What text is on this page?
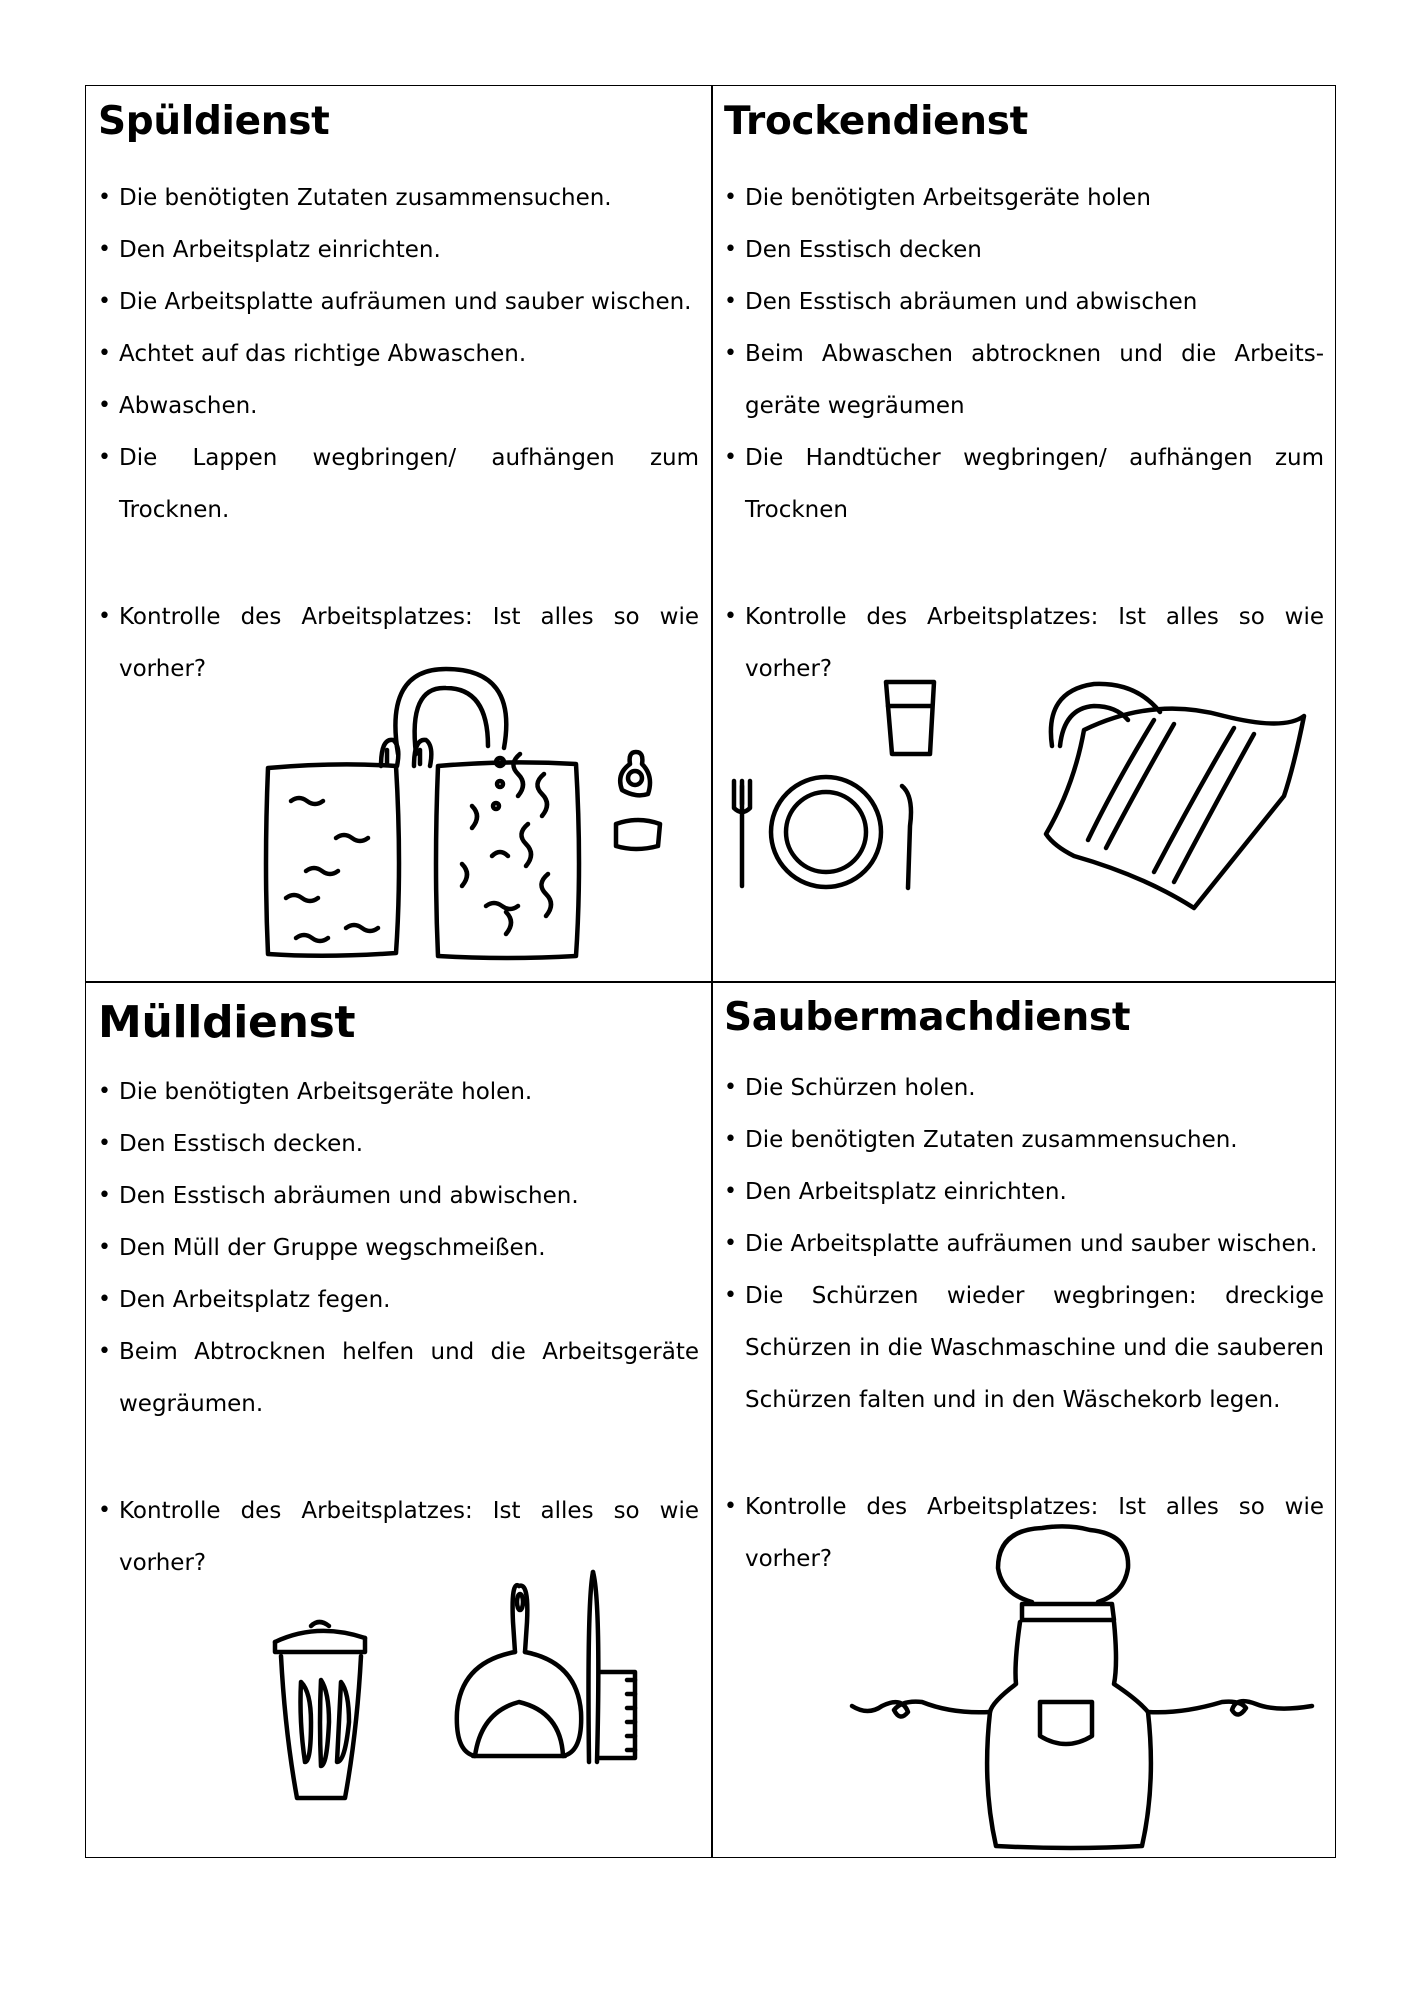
Spüldienst
• Die benötigten Zutaten zusammensuchen.
• Den Arbeitsplatz einrichten.
• Die Arbeitsplatte aufräumen und sauber wischen.
• Achtet auf das richtige Abwaschen.
• Abwaschen.
• Die Lappen wegbringen/ aufhängen zum Trocknen.
• Kontrolle des Arbeitsplatzes: Ist alles so wie vorher?
Trockendienst
• Die benötigten Arbeitsgeräte holen
• Den Esstisch decken
• Den Esstisch abräumen und abwischen
• Beim Abwaschen abtrocknen und die Arbeits-geräte wegräumen
• Die Handtücher wegbringen/ aufhängen zum Trocknen
• Kontrolle des Arbeitsplatzes: Ist alles so wie vorher?
Mülldienst
• Die benötigten Arbeitsgeräte holen.
• Den Esstisch decken.
• Den Esstisch abräumen und abwischen.
• Den Müll der Gruppe wegschmeißen.
• Den Arbeitsplatz fegen.
• Beim Abtrocknen helfen und die Arbeitsgeräte wegräumen.
• Kontrolle des Arbeitsplatzes: Ist alles so wie vorher?
Saubermachdienst
• Die Schürzen holen.
• Die benötigten Zutaten zusammensuchen.
• Den Arbeitsplatz einrichten.
• Die Arbeitsplatte aufräumen und sauber wischen.
• Die Schürzen wieder wegbringen: dreckige Schürzen in die Waschmaschine und die sauberen Schürzen falten und in den Wäschekorb legen.
• Kontrolle des Arbeitsplatzes: Ist alles so wie vorher?
